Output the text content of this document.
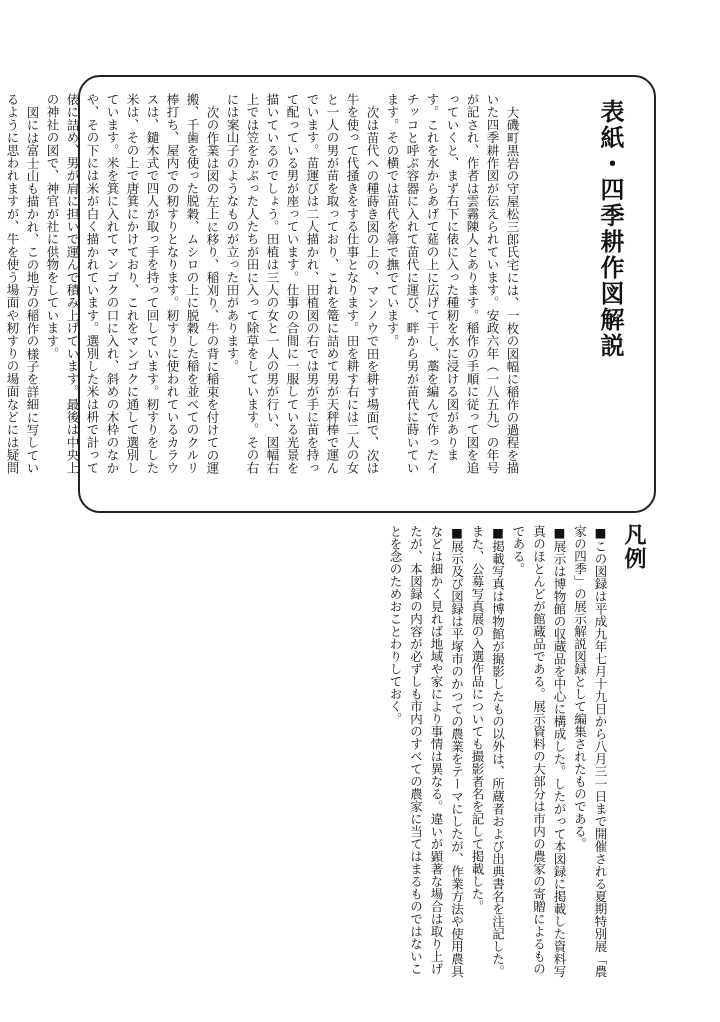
表紙・四季耕作図解説

大磯町黒岩の守屋松三郎氏宅には、一枚の図幅に稲作の過程を描いた四季耕作図が伝えられています。安政六年（一八五九）の年号が記され、作者は雲霧陳人とあります。稲作の手順に従って図を追っていくと、まず右下に俵に入った種籾を水に浸ける図があります。これを水からあげて莚の上に広げて干し、藁を編んで作ったイチッコと呼ぶ容器に入れて苗代に運び、畔から男が苗代に蒔いています。その横では苗代を箒で撫でています。

次は苗代への種蒔き図の上の、マンノウで田を耕す場面で、次は牛を使って代掻きをする仕事となります。田を耕す右には二人の女と一人の男が苗を取っており、これを篭に詰めて男が天秤棒で運んでいます。苗運びは二人描かれ、田植図の右では男が手に苗を持って配っている男が座っています。仕事の合間に一服している光景を描いているのでしょう。田植は三人の女と一人の男が行い、図幅右上では笠をかぶった人たちが田に入って除草をしています。その右には案山子のようなものが立った田があります。

次の作業は図の左上に移り、稲刈り、牛の背に稲束を付けての運搬、千歯を使った脱穀、ムシロの上に脱穀した稲を並べてのクルリ棒打ち、屋内での籾すりとなります。籾すりに使われているカラウスは、鑓木式で四人が取っ手を持って回しています。籾すりをした米は、その上で唐箕にかけており、これをマンゴクに通して選別しています。米を箕に入れてマンゴクの口に入れ、斜めの木枠のなかや、その下には米が白く描かれています。選別した米は枡で計って俵に詰め、男が肩に担いで運んで積み上げています。最後は中央上の神社の図で、神官が社に供物をしています。

図には富士山も描かれ、この地方の稲作の様子を詳細に写しているように思われますが、牛を使う場面や籾すりの場面などには疑問

凡例

■この図録は平成九年七月十九日から八月三一日まで開催される夏期特別展「農家の四季」の展示解説図録として編集されたものである。

■展示は博物館の収蔵品を中心に構成した。したがって本図録に掲載した資料写真のほとんどが館蔵品である。展示資料の大部分は市内の農家の寄贈によるものである。

■掲載写真は博物館が撮影したもの以外は、所蔵者および出典書名を注記した。また、公募写真展の入選作品についても撮影者名を記して掲載した。

■展示及び図録は平塚市のかつての農業をテーマにしたが、作業方法や使用農具などは細かく見れば地域や家により事情は異なる。違いが顕著な場合は取り上げたが、本図録の内容が必ずしも市内のすべての農家に当てはまるものではないことを念のためおことわりしておく。
